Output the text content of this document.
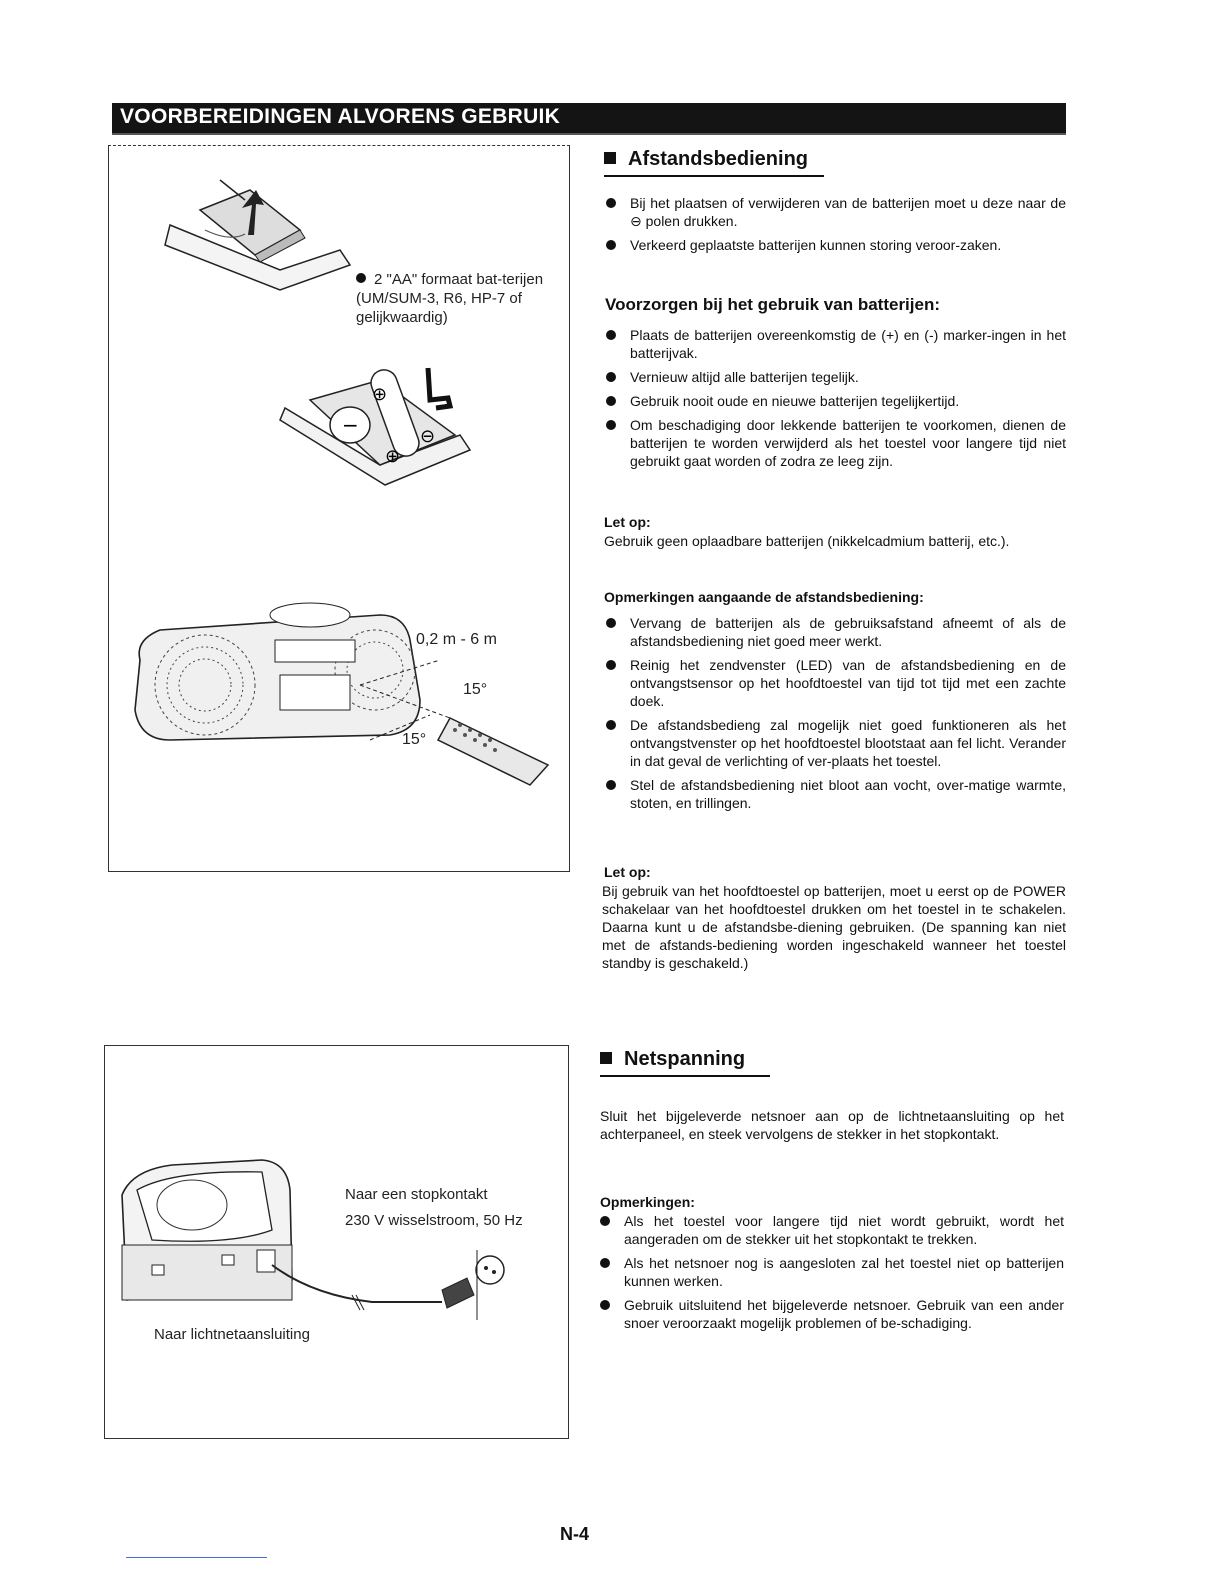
VOORBEREIDINGEN ALVORENS GEBRUIK
2 "AA" formaat bat-terijen (UM/SUM-3, R6, HP-7 of gelijkwaardig)
−
⊕
⊕
⊖
0,2 m - 6 m
15°
15°
Afstandsbediening
Bij het plaatsen of verwijderen van de batterijen moet u deze naar de ⊖ polen drukken.
Verkeerd geplaatste batterijen kunnen storing veroor-zaken.
Voorzorgen bij het gebruik van batterijen:
Plaats de batterijen overeenkomstig de (+) en (-) marker-ingen in het batterijvak.
Vernieuw altijd alle batterijen tegelijk.
Gebruik nooit oude en nieuwe batterijen tegelijkertijd.
Om beschadiging door lekkende batterijen te voorkomen, dienen de batterijen te worden verwijderd als het toestel voor langere tijd niet gebruikt gaat worden of zodra ze leeg zijn.
Let op:
Gebruik geen oplaadbare batterijen (nikkelcadmium batterij, etc.).
Opmerkingen aangaande de afstandsbediening:
Vervang de batterijen als de gebruiksafstand afneemt of als de afstandsbediening niet goed meer werkt.
Reinig het zendvenster (LED) van de afstandsbediening en de ontvangstsensor op het hoofdtoestel van tijd tot tijd met een zachte doek.
De afstandsbedieng zal mogelijk niet goed funktioneren als het ontvangstvenster op het hoofdtoestel blootstaat aan fel licht. Verander in dat geval de verlichting of ver-plaats het toestel.
Stel de afstandsbediening niet bloot aan vocht, over-matige warmte, stoten, en trillingen.
Let op:
Bij gebruik van het hoofdtoestel op batterijen, moet u eerst op de POWER schakelaar van het hoofdtoestel drukken om het toestel in te schakelen. Daarna kunt u de afstandsbe-diening gebruiken. (De spanning kan niet met de afstands-bediening worden ingeschakeld wanneer het toestel standby is geschakeld.)
Naar een stopkontakt
230 V wisselstroom, 50 Hz
Naar lichtnetaansluiting
Netspanning
Sluit het bijgeleverde netsnoer aan op de lichtnetaansluiting op het achterpaneel, en steek vervolgens de stekker in het stopkontakt.
Opmerkingen:
Als het toestel voor langere tijd niet wordt gebruikt, wordt het aangeraden om de stekker uit het stopkontakt te trekken.
Als het netsnoer nog is aangesloten zal het toestel niet op batterijen kunnen werken.
Gebruik uitsluitend het bijgeleverde netsnoer. Gebruik van een ander snoer veroorzaakt mogelijk problemen of be-schadiging.
N-4
